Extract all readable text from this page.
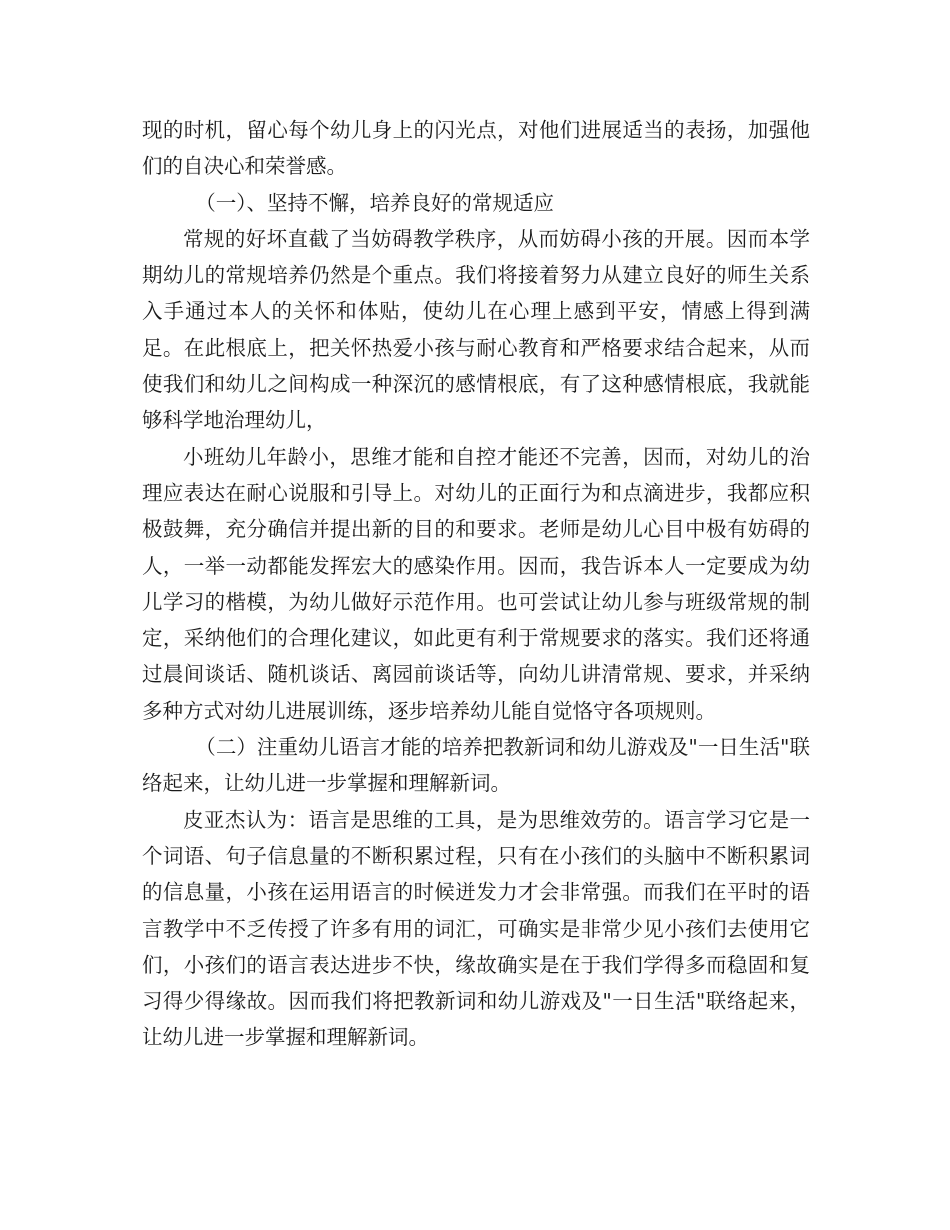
现的时机，留心每个幼儿身上的闪光点，对他们进展适当的表扬，加强他们的自决心和荣誉感。

（一）、坚持不懈，培养良好的常规适应

常规的好坏直截了当妨碍教学秩序，从而妨碍小孩的开展。因而本学期幼儿的常规培养仍然是个重点。我们将接着努力从建立良好的师生关系入手通过本人的关怀和体贴，使幼儿在心理上感到平安，情感上得到满足。在此根底上，把关怀热爱小孩与耐心教育和严格要求结合起来，从而使我们和幼儿之间构成一种深沉的感情根底，有了这种感情根底，我就能够科学地治理幼儿，

小班幼儿年龄小，思维才能和自控才能还不完善，因而，对幼儿的治理应表达在耐心说服和引导上。对幼儿的正面行为和点滴进步，我都应积极鼓舞，充分确信并提出新的目的和要求。老师是幼儿心目中极有妨碍的人，一举一动都能发挥宏大的感染作用。因而，我告诉本人一定要成为幼儿学习的楷模，为幼儿做好示范作用。也可尝试让幼儿参与班级常规的制定，采纳他们的合理化建议，如此更有利于常规要求的落实。我们还将通过晨间谈话、随机谈话、离园前谈话等，向幼儿讲清常规、要求，并采纳多种方式对幼儿进展训练，逐步培养幼儿能自觉恪守各项规则。

（二）注重幼儿语言才能的培养把教新词和幼儿游戏及"一日生活"联络起来，让幼儿进一步掌握和理解新词。

皮亚杰认为：语言是思维的工具，是为思维效劳的。语言学习它是一个词语、句子信息量的不断积累过程，只有在小孩们的头脑中不断积累词的信息量，小孩在运用语言的时候迸发力才会非常强。而我们在平时的语言教学中不乏传授了许多有用的词汇，可确实是非常少见小孩们去使用它们，小孩们的语言表达进步不快，缘故确实是在于我们学得多而稳固和复习得少得缘故。因而我们将把教新词和幼儿游戏及"一日生活"联络起来，让幼儿进一步掌握和理解新词。
